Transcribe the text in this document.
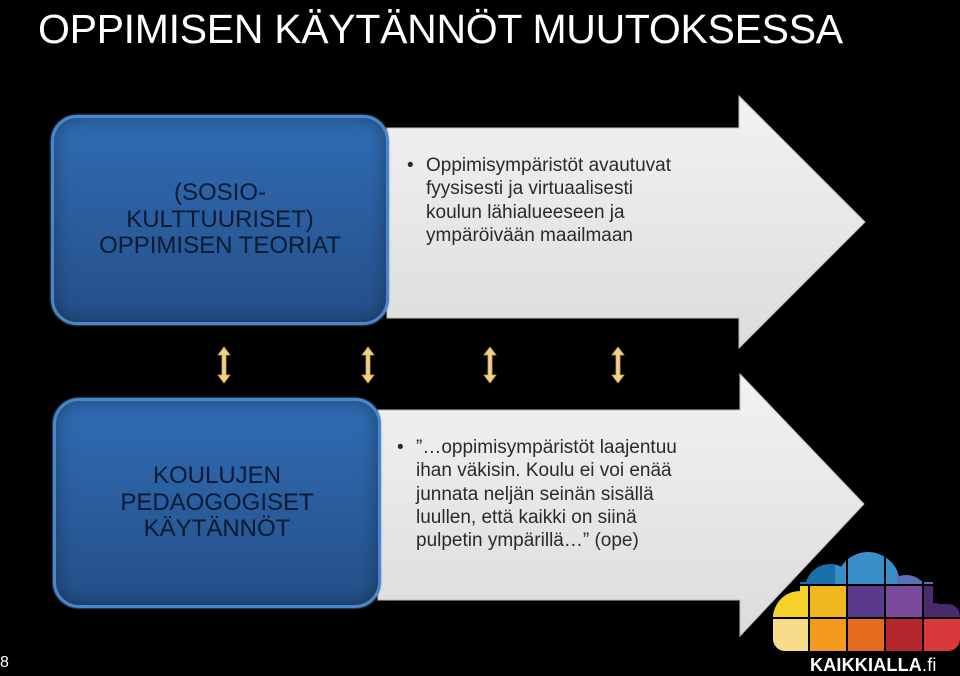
OPPIMISEN KÄYTÄNNÖT MUUTOKSESSA
• Oppimisympäristöt avautuvat
fyysisesti ja virtuaalisesti
koulun lähialueeseen ja
ympäröivään maailmaan
(SOSIO-
KULTTUURISET)
OPPIMISEN TEORIAT
• ”…oppimisympäristöt laajentuu
ihan väkisin. Koulu ei voi enää
junnata neljän seinän sisällä
luullen, että kaikki on siinä
pulpetin ympärillä…” (ope)
KOULUJEN
PEDAOGOGISET
KÄYTÄNNÖT
KAIKKIALLA.fi
8
